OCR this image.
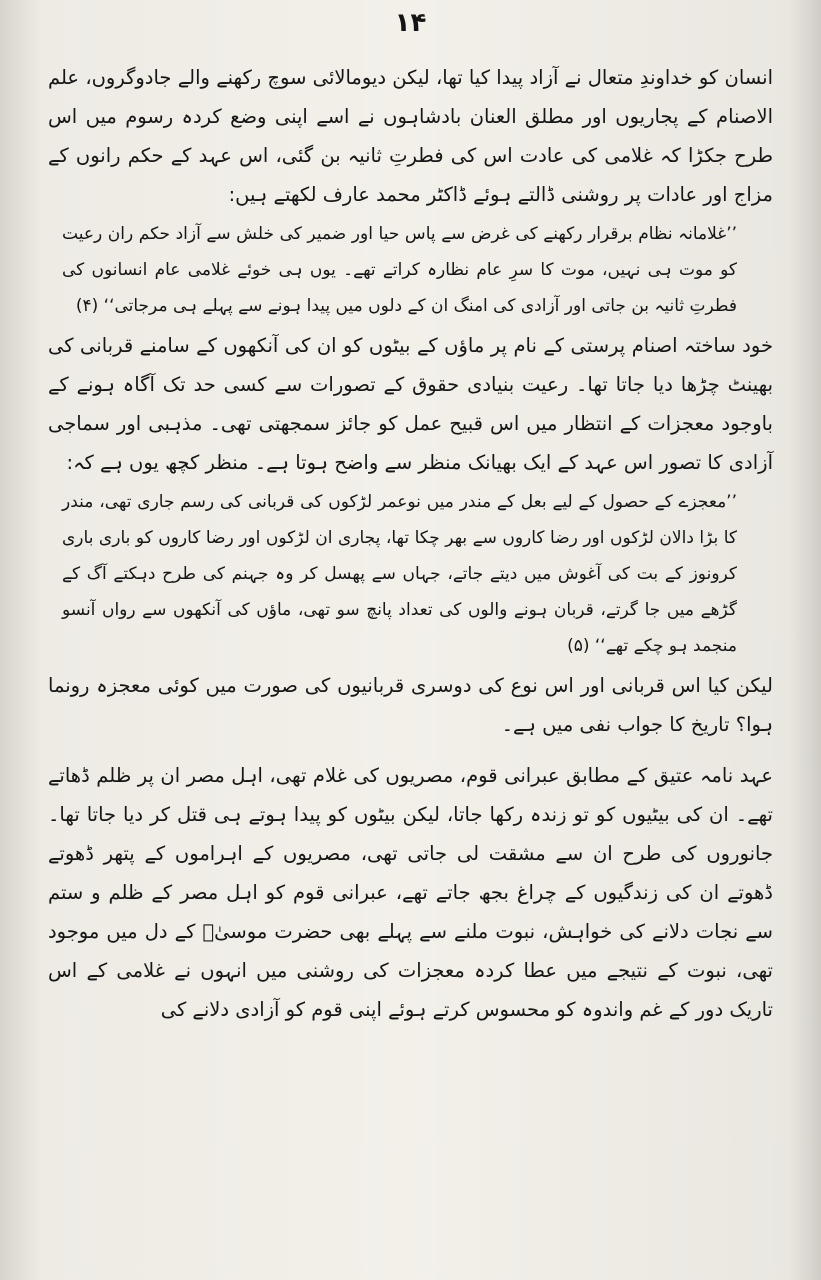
۱۴

انسان کو خداوندِ متعال نے آزاد پیدا کیا تھا، لیکن دیومالائی سوچ رکھنے والے جادوگروں، علم الاصنام کے پجاریوں اور مطلق العنان بادشاہوں نے اسے اپنی وضع کردہ رسوم میں اس طرح جکڑا کہ غلامی کی عادت اس کی فطرتِ ثانیہ بن گئی، اس عہد کے حکم رانوں کے مزاج اور عادات پر روشنی ڈالتے ہوئے ڈاکٹر محمد عارف لکھتے ہیں:

’’غلامانہ نظام برقرار رکھنے کی غرض سے پاس حیا اور ضمیر کی خلش سے آزاد حکم ران رعیت کو موت ہی نہیں، موت کا سرِ عام نظارہ کراتے تھے۔ یوں ہی خوئے غلامی عام انسانوں کی فطرتِ ثانیہ بن جاتی اور آزادی کی امنگ ان کے دلوں میں پیدا ہونے سے پہلے ہی مرجاتی‘‘ (۴)

خود ساختہ اصنام پرستی کے نام پر ماؤں کے بیٹوں کو ان کی آنکھوں کے سامنے قربانی کی بھینٹ چڑھا دیا جاتا تھا۔ رعیت بنیادی حقوق کے تصورات سے کسی حد تک آگاہ ہونے کے باوجود معجزات کے انتظار میں اس قبیح عمل کو جائز سمجھتی تھی۔ مذہبی اور سماجی آزادی کا تصور اس عہد کے ایک بھیانک منظر سے واضح ہوتا ہے۔ منظر کچھ یوں ہے کہ:

’’معجزے کے حصول کے لیے بعل کے مندر میں نوعمر لڑکوں کی قربانی کی رسم جاری تھی، مندر کا بڑا دالان لڑکوں اور رضا کاروں سے بھر چکا تھا، پجاری ان لڑکوں اور رضا کاروں کو باری باری کرونوز کے بت کی آغوش میں دیتے جاتے، جہاں سے پھسل کر وہ جہنم کی طرح دہکتے آگ کے گڑھے میں جا گرتے، قربان ہونے والوں کی تعداد پانچ سو تھی، ماؤں کی آنکھوں سے رواں آنسو منجمد ہو چکے تھے‘‘ (۵)

لیکن کیا اس قربانی اور اس نوع کی دوسری قربانیوں کی صورت میں کوئی معجزہ رونما ہوا؟ تاریخ کا جواب نفی میں ہے۔

عہد نامہ عتیق کے مطابق عبرانی قوم، مصریوں کی غلام تھی، اہل مصر ان پر ظلم ڈھاتے تھے۔ ان کی بیٹیوں کو تو زندہ رکھا جاتا، لیکن بیٹوں کو پیدا ہوتے ہی قتل کر دیا جاتا تھا۔ جانوروں کی طرح ان سے مشقت لی جاتی تھی، مصریوں کے اہراموں کے پتھر ڈھوتے ڈھوتے ان کی زندگیوں کے چراغ بجھ جاتے تھے، عبرانی قوم کو اہل مصر کے ظلم و ستم سے نجات دلانے کی خواہش، نبوت ملنے سے پہلے بھی حضرت موسیٰؑ کے دل میں موجود تھی، نبوت کے نتیجے میں عطا کردہ معجزات کی روشنی میں انہوں نے غلامی کے اس تاریک دور کے غم واندوہ کو محسوس کرتے ہوئے اپنی قوم کو آزادی دلانے کی
